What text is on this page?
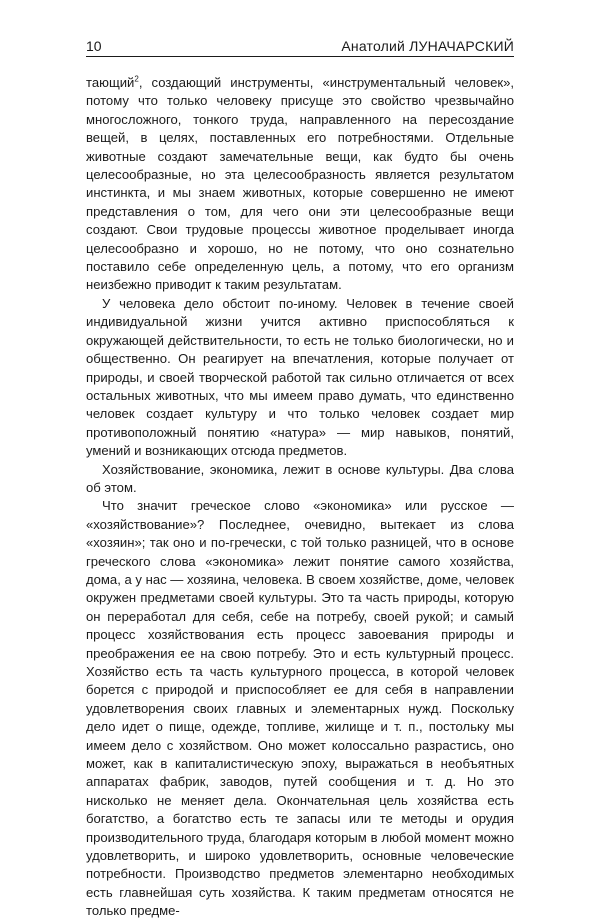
10	Анатолий ЛУНАЧАРСКИЙ

тающий$^2$, создающий инструменты, «инструментальный человек», потому что только человеку присуще это свойство чрезвычайно многосложного, тонкого труда, направленного на пересоздание вещей, в целях, поставленных его потребностями. Отдельные животные создают замечательные вещи, как будто бы очень целесообразные, но эта целесообразность является результатом инстинкта, и мы знаем животных, которые совершенно не имеют представления о том, для чего они эти целесообразные вещи создают. Свои трудовые процессы животное проделывает иногда целесообразно и хорошо, но не потому, что оно сознательно поставило себе определенную цель, а потому, что его организм неизбежно приводит к таким результатам.

У человека дело обстоит по-иному. Человек в течение своей индивидуальной жизни учится активно приспособляться к окружающей действительности, то есть не только биологически, но и общественно. Он реагирует на впечатления, которые получает от природы, и своей творческой работой так сильно отличается от всех остальных животных, что мы имеем право думать, что единственно человек создает культуру и что только человек создает мир противоположный понятию «натура» — мир навыков, понятий, умений и возникающих отсюда предметов.

Хозяйствование, экономика, лежит в основе культуры. Два слова об этом.

Что значит греческое слово «экономика» или русское — «хозяйствование»? Последнее, очевидно, вытекает из слова «хозяин»; так оно и по-гречески, с той только разницей, что в основе греческого слова «экономика» лежит понятие самого хозяйства, дома, а у нас — хозяина, человека. В своем хозяйстве, доме, человек окружен предметами своей культуры. Это та часть природы, которую он переработал для себя, себе на потребу, своей рукой; и самый процесс хозяйствования есть процесс завоевания природы и преображения ее на свою потребу. Это и есть культурный процесс. Хозяйство есть та часть культурного процесса, в которой человек борется с природой и приспособляет ее для себя в направлении удовлетворения своих главных и элементарных нужд. Поскольку дело идет о пище, одежде, топливе, жилище и т. п., постольку мы имеем дело с хозяйством. Оно может колоссально разрастись, оно может, как в капиталистическую эпоху, выражаться в необъятных аппаратах фабрик, заводов, путей сообщения и т. д. Но это нисколько не меняет дела. Окончательная цель хозяйства есть богатство, а богатство есть те запасы или те методы и орудия производительного труда, благодаря которым в любой момент можно удовлетворить, и широко удовлетворить, основные человеческие потребности. Производство предметов элементарно необходимых есть главнейшая суть хозяйства. К таким предметам относятся не только предме-
